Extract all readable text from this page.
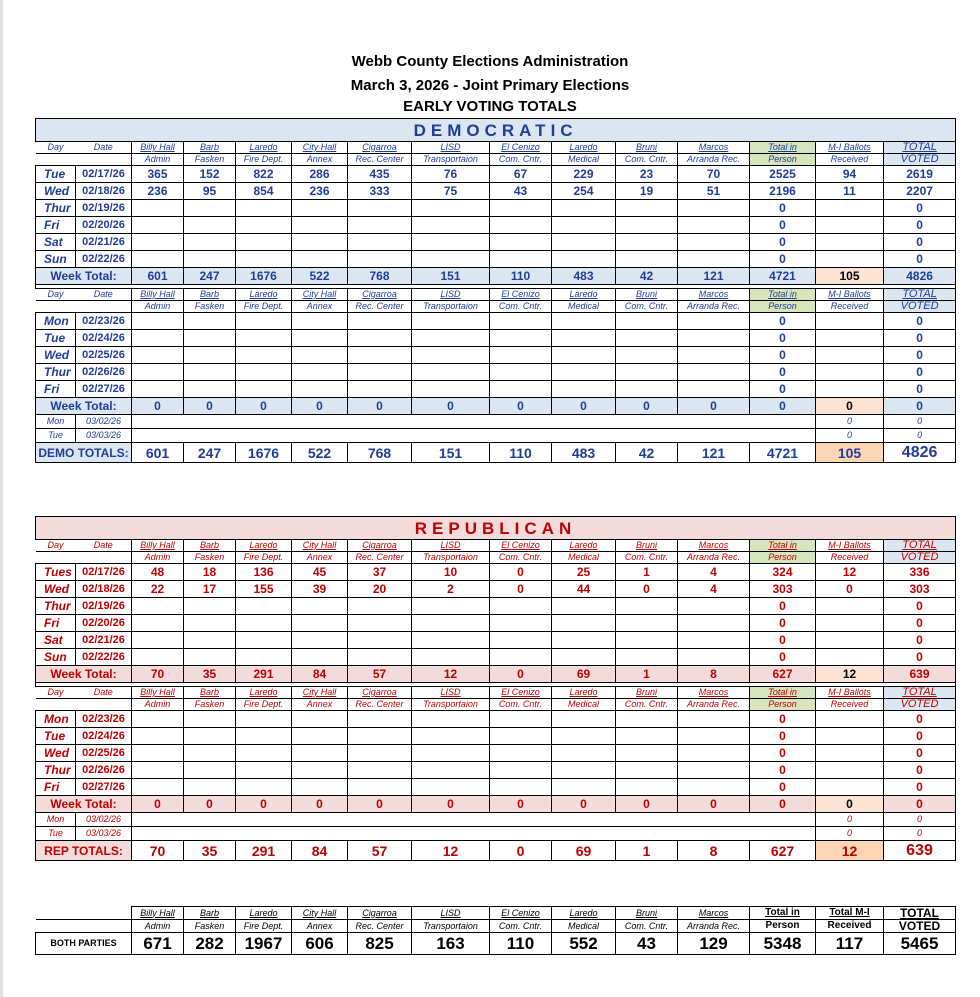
Webb County Elections Administration
March 3, 2026 - Joint Primary Elections
EARLY VOTING TOTALS
DEMOCRATIC														
Day	Date	Billy Hall	Barb	Laredo	City Hall	Cigarroa	LISD	El Cenizo	Laredo	Bruni	Marcos	Total in	M-I Ballots	TOTAL
		Admin	Fasken	Fire Dept.	Annex	Rec. Center	Transportaion	Com. Cntr.	Medical	Com. Cntr.	Arranda Rec.	Person	Received	VOTED
Tue	02/17/26	365	152	822	286	435	76	67	229	23	70	2525	94	2619
Wed	02/18/26	236	95	854	236	333	75	43	254	19	51	2196	11	2207
Thur	02/19/26											0		0
Fri	02/20/26											0		0
Sat	02/21/26											0		0
Sun	02/22/26											0		0
Week Total:		601	247	1676	522	768	151	110	483	42	121	4721	105	4826

Day	Date	Billy Hall	Barb	Laredo	City Hall	Cigarroa	LISD	El Cenizo	Laredo	Bruni	Marcos	Total in	M-I Ballots	TOTAL
		Admin	Fasken	Fire Dept.	Annex	Rec. Center	Transportaion	Com. Cntr.	Medical	Com. Cntr.	Arranda Rec.	Person	Received	VOTED
Mon	02/23/26											0		0
Tue	02/24/26											0		0
Wed	02/25/26											0		0
Thur	02/26/26											0		0
Fri	02/27/26											0		0
Week Total:		0	0	0	0	0	0	0	0	0	0	0	0	0
Mon	03/02/26												0	0
Tue	03/03/26												0	0
DEMO TOTALS:		601	247	1676	522	768	151	110	483	42	121	4721	105	4826
REPUBLICAN														
Day	Date	Billy Hall	Barb	Laredo	City Hall	Cigarroa	LISD	El Cenizo	Laredo	Bruni	Marcos	Total in	M-I Ballots	TOTAL
		Admin	Fasken	Fire Dept.	Annex	Rec. Center	Transportaion	Com. Cntr.	Medical	Com. Cntr.	Arranda Rec.	Person	Received	VOTED
Tues	02/17/26	48	18	136	45	37	10	0	25	1	4	324	12	336
Wed	02/18/26	22	17	155	39	20	2	0	44	0	4	303	0	303
Thur	02/19/26											0		0
Fri	02/20/26											0		0
Sat	02/21/26											0		0
Sun	02/22/26											0		0
Week Total:		70	35	291	84	57	12	0	69	1	8	627	12	639

Day	Date	Billy Hall	Barb	Laredo	City Hall	Cigarroa	LISD	El Cenizo	Laredo	Bruni	Marcos	Total in	M-I Ballots	TOTAL
		Admin	Fasken	Fire Dept.	Annex	Rec. Center	Transportaion	Com. Cntr.	Medical	Com. Cntr.	Arranda Rec.	Person	Received	VOTED
Mon	02/23/26											0		0
Tue	02/24/26											0		0
Wed	02/25/26											0		0
Thur	02/26/26											0		0
Fri	02/27/26											0		0
Week Total:		0	0	0	0	0	0	0	0	0	0	0	0	0
Mon	03/02/26												0	0
Tue	03/03/26												0	0
REP TOTALS:		70	35	291	84	57	12	0	69	1	8	627	12	639
	Billy Hall	Barb	Laredo	City Hall	Cigarroa	LISD	El Cenizo	Laredo	Bruni	Marcos	Total in	Total M-I	TOTAL
	Admin	Fasken	Fire Dept.	Annex	Rec. Center	Transportaion	Com. Cntr.	Medical	Com. Cntr.	Arranda Rec.	Person	Received	VOTED
BOTH PARTIES	671	282	1967	606	825	163	110	552	43	129	5348	117	5465
